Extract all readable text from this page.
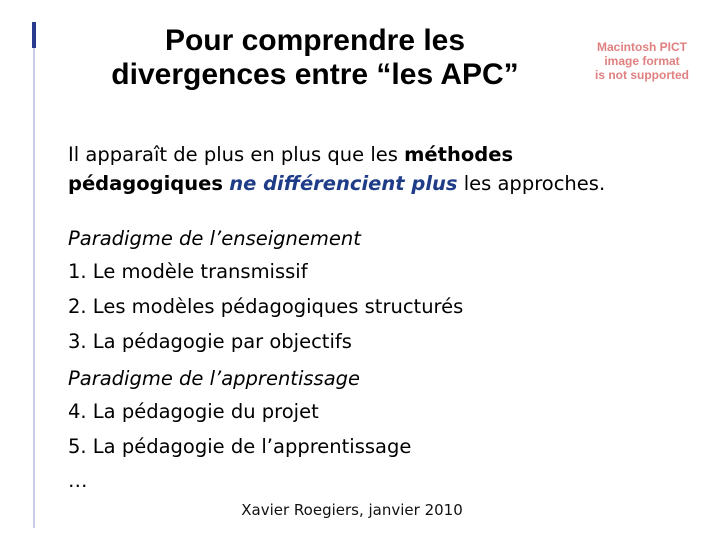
Pour comprendre les
divergences entre “les APC”
Macintosh PICT
image format
is not supported
Il apparaît de plus en plus que les méthodes
pédagogiques ne différencient plus les approches.
Paradigme de l’enseignement
1. Le modèle transmissif
2. Les modèles pédagogiques structurés
3. La pédagogie par objectifs
Paradigme de l’apprentissage
4. La pédagogie du projet
5. La pédagogie de l’apprentissage
…
Xavier Roegiers, janvier 2010
